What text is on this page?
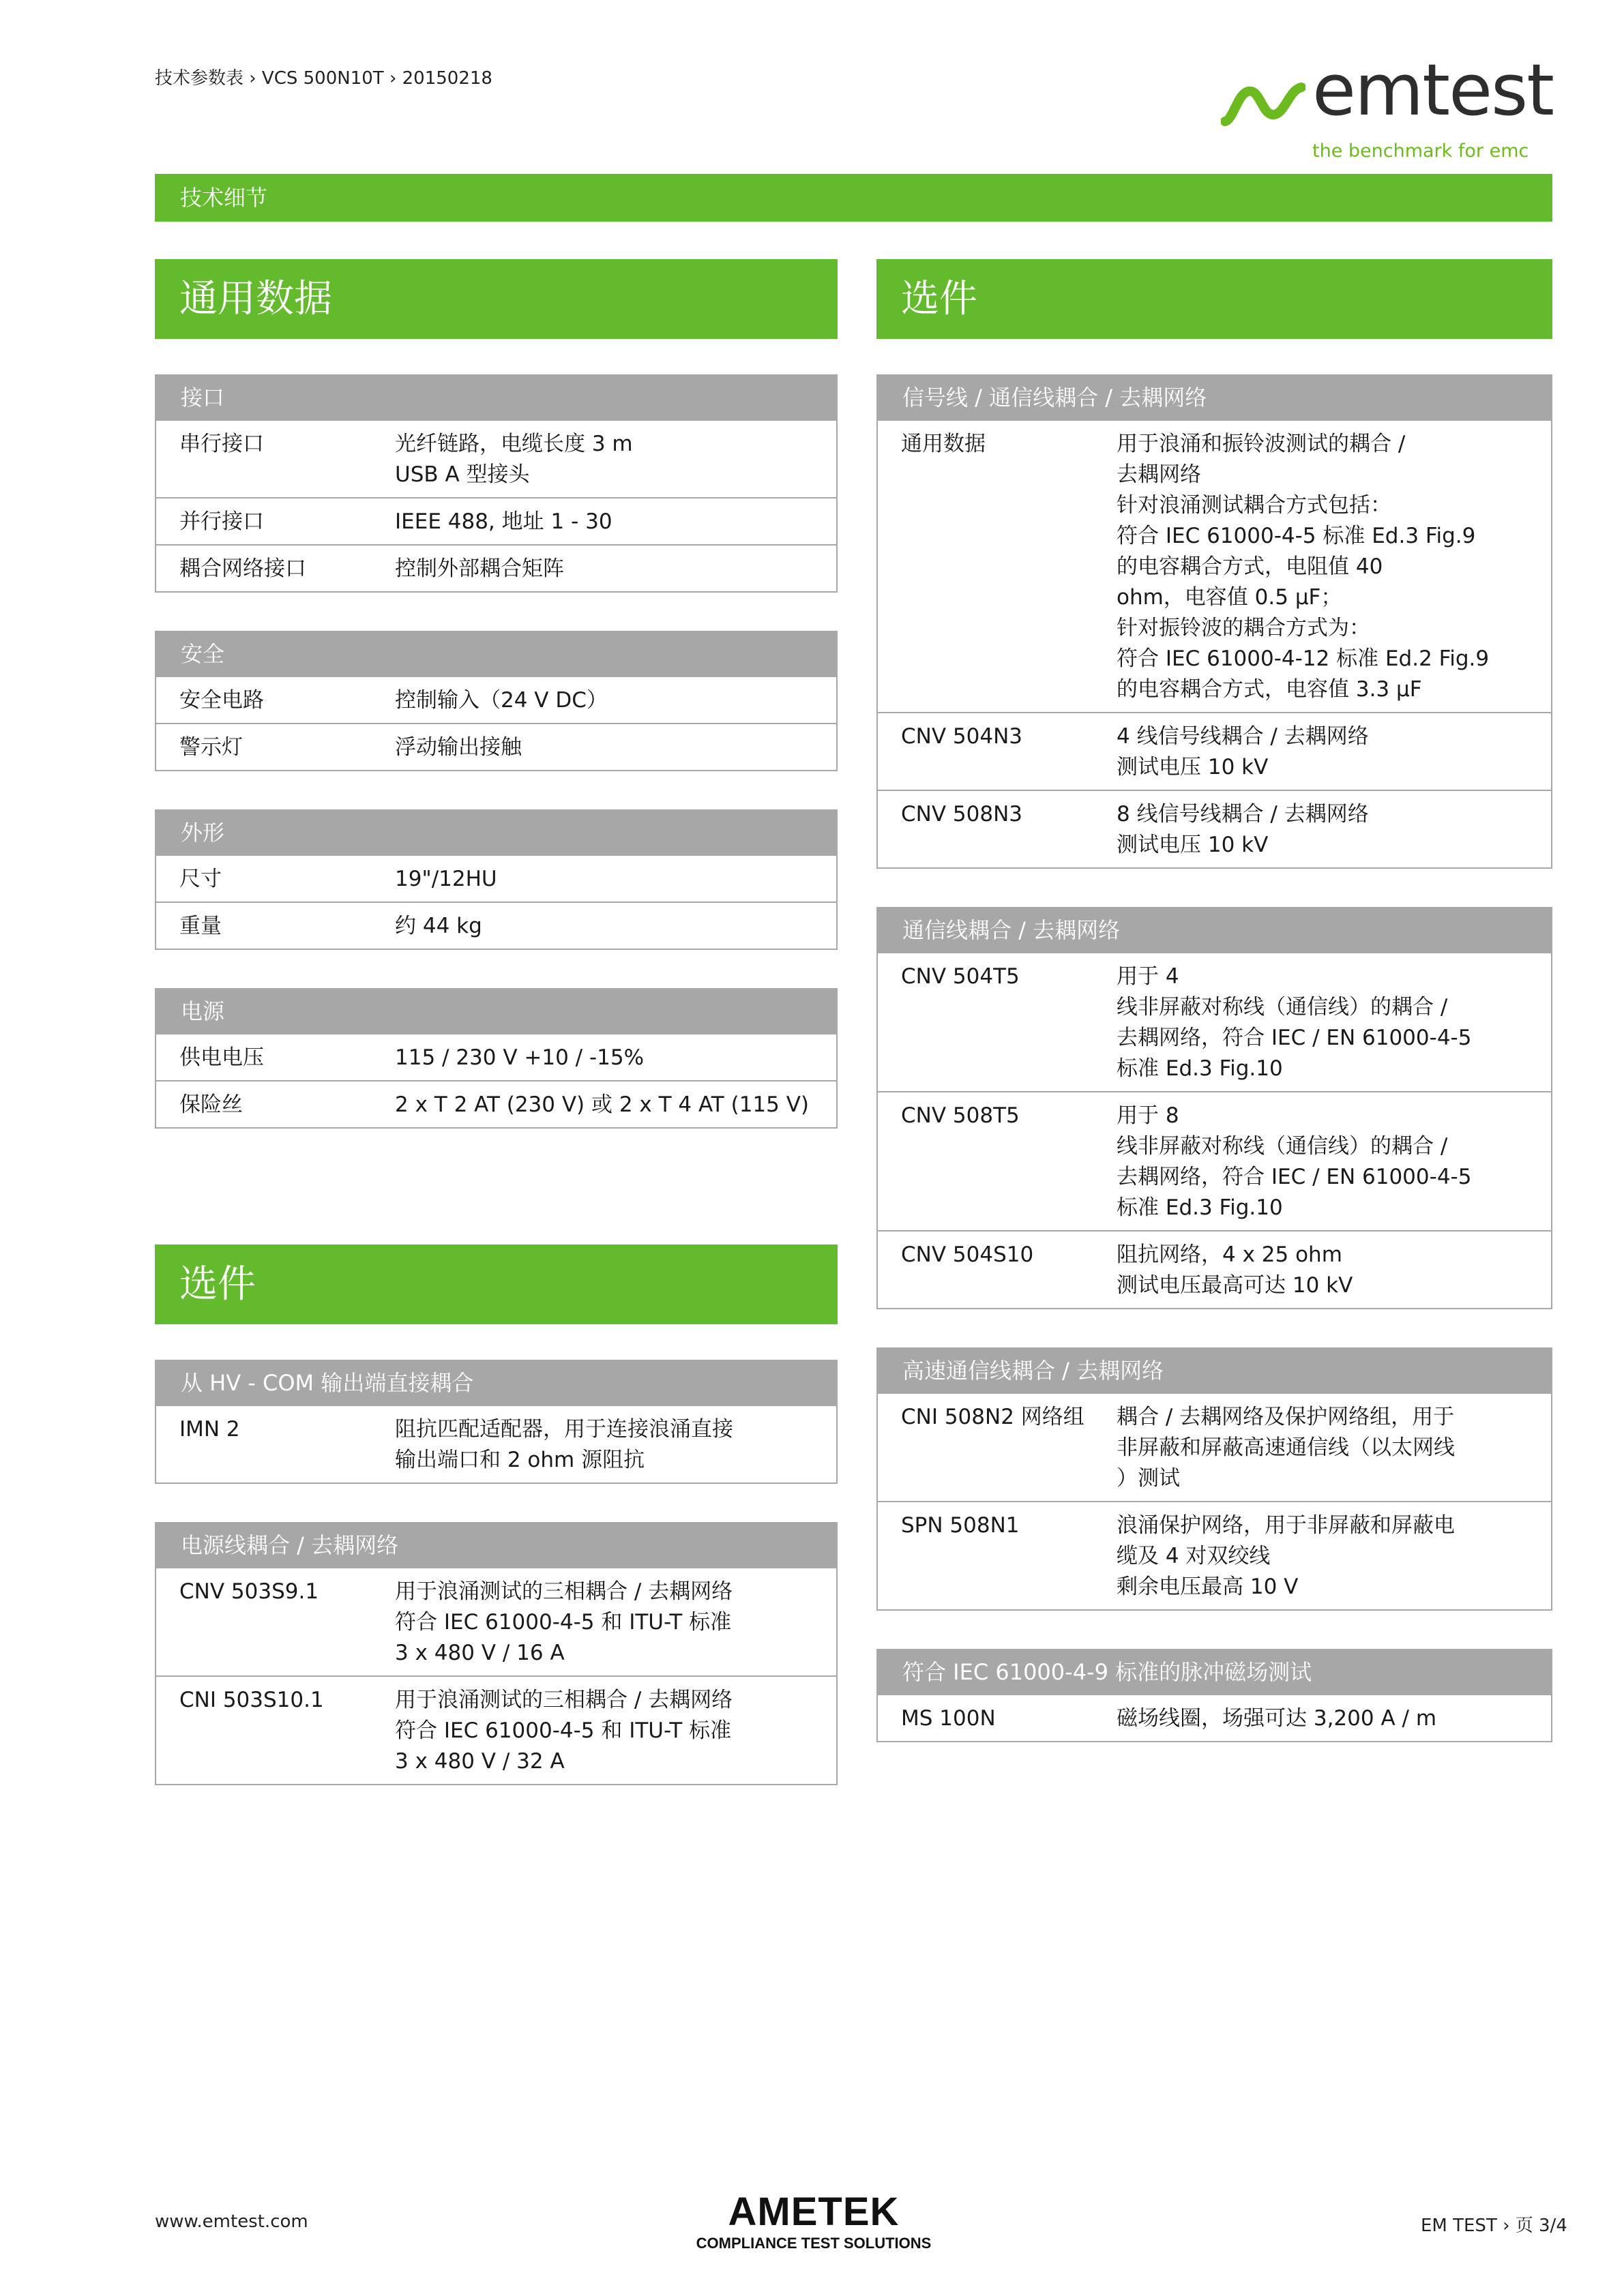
技术参数表 › VCS 500N10T › 20150218	emtest
the benchmark for emc
技术细节
通用数据
接口
串行接口	光纤链路，电缆长度 3 m
USB A 型接头
并行接口	IEEE 488, 地址 1 - 30
耦合网络接口	控制外部耦合矩阵
安全
安全电路	控制输入（24 V DC）
警示灯	浮动输出接触
外形
尺寸	19"/12HU
重量	约 44 kg
电源
供电电压	115 / 230 V +10 / -15%
保险丝	2 x T 2 AT (230 V) 或 2 x T 4 AT (115 V)
选件
从 HV - COM 输出端直接耦合
IMN 2	阻抗匹配适配器，用于连接浪涌直接
输出端口和 2 ohm 源阻抗
电源线耦合 / 去耦网络
CNV 503S9.1	用于浪涌测试的三相耦合 / 去耦网络
符合 IEC 61000-4-5 和 ITU-T 标准
3 x 480 V / 16 A
CNI 503S10.1	用于浪涌测试的三相耦合 / 去耦网络
符合 IEC 61000-4-5 和 ITU-T 标准
3 x 480 V / 32 A
选件
信号线 / 通信线耦合 / 去耦网络
通用数据	用于浪涌和振铃波测试的耦合 /
去耦网络
针对浪涌测试耦合方式包括：
符合 IEC 61000-4-5 标准 Ed.3 Fig.9
的电容耦合方式，电阻值 40
ohm，电容值 0.5 μF；
针对振铃波的耦合方式为：
符合 IEC 61000-4-12 标准 Ed.2 Fig.9
的电容耦合方式，电容值 3.3 μF
CNV 504N3	4 线信号线耦合 / 去耦网络
测试电压 10 kV
CNV 508N3	8 线信号线耦合 / 去耦网络
测试电压 10 kV
通信线耦合 / 去耦网络
CNV 504T5	用于 4
线非屏蔽对称线（通信线）的耦合 /
去耦网络，符合 IEC / EN 61000-4-5
标准 Ed.3 Fig.10
CNV 508T5	用于 8
线非屏蔽对称线（通信线）的耦合 /
去耦网络，符合 IEC / EN 61000-4-5
标准 Ed.3 Fig.10
CNV 504S10	阻抗网络，4 x 25 ohm
测试电压最高可达 10 kV
高速通信线耦合 / 去耦网络
CNI 508N2 网络组	耦合 / 去耦网络及保护网络组，用于
非屏蔽和屏蔽高速通信线（以太网线
）测试
SPN 508N1	浪涌保护网络，用于非屏蔽和屏蔽电
缆及 4 对双绞线
剩余电压最高 10 V
符合 IEC 61000-4-9 标准的脉冲磁场测试
MS 100N	磁场线圈，场强可达 3,200 A / m
www.emtest.com	AMETEK
COMPLIANCE TEST SOLUTIONS
EM TEST › 页 3/4
